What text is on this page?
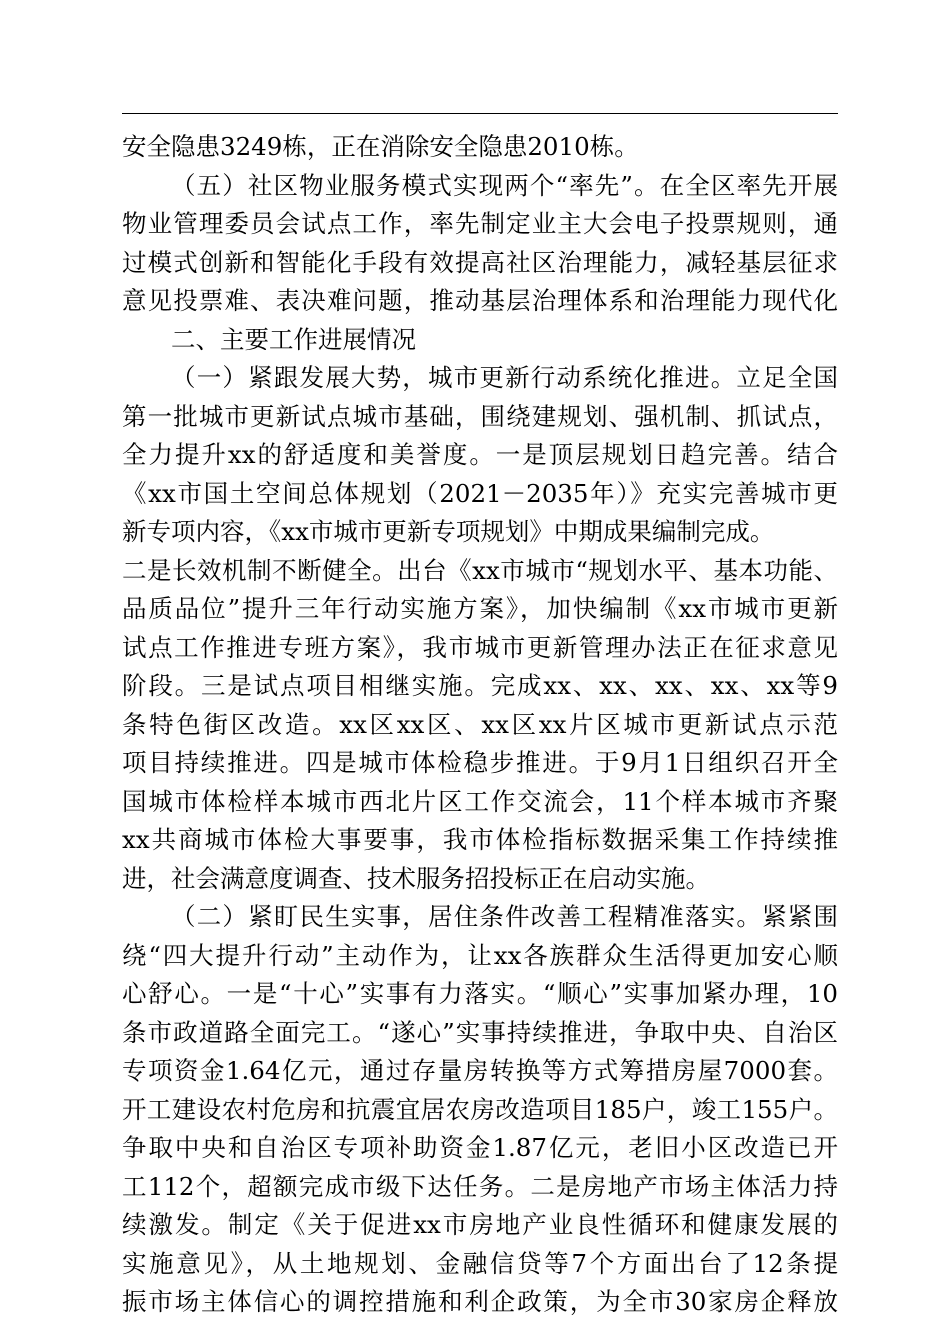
安全隐患3249栋，正在消除安全隐患2010栋。
（五）社区物业服务模式实现两个“率先”。在全区率先开展
物业管理委员会试点工作，率先制定业主大会电子投票规则，通
过模式创新和智能化手段有效提高社区治理能力，减轻基层征求
意见投票难、表决难问题，推动基层治理体系和治理能力现代化
二、主要工作进展情况
（一）紧跟发展大势，城市更新行动系统化推进。立足全国
第一批城市更新试点城市基础，围绕建规划、强机制、抓试点，
全力提升xx的舒适度和美誉度。一是顶层规划日趋完善。结合
《xx市国土空间总体规划（2021－2035年）》充实完善城市更
新专项内容，《xx市城市更新专项规划》中期成果编制完成。
二是长效机制不断健全。出台《xx市城市“规划水平、基本功能、
品质品位”提升三年行动实施方案》，加快编制《xx市城市更新
试点工作推进专班方案》，我市城市更新管理办法正在征求意见
阶段。三是试点项目相继实施。完成xx、xx、xx、xx、xx等9
条特色街区改造。xx区xx区、xx区xx片区城市更新试点示范
项目持续推进。四是城市体检稳步推进。于9月1日组织召开全
国城市体检样本城市西北片区工作交流会，11个样本城市齐聚
xx共商城市体检大事要事，我市体检指标数据采集工作持续推
进，社会满意度调查、技术服务招投标正在启动实施。
（二）紧盯民生实事，居住条件改善工程精准落实。紧紧围
绕“四大提升行动”主动作为，让xx各族群众生活得更加安心顺
心舒心。一是“十心”实事有力落实。“顺心”实事加紧办理，10
条市政道路全面完工。“遂心”实事持续推进，争取中央、自治区
专项资金1.64亿元，通过存量房转换等方式筹措房屋7000套。
开工建设农村危房和抗震宜居农房改造项目185户，竣工155户。
争取中央和自治区专项补助资金1.87亿元，老旧小区改造已开
工112个，超额完成市级下达任务。二是房地产市场主体活力持
续激发。制定《关于促进xx市房地产业良性循环和健康发展的
实施意见》，从土地规划、金融信贷等7个方面出台了12条提
振市场主体信心的调控措施和利企政策，为全市30家房企释放
